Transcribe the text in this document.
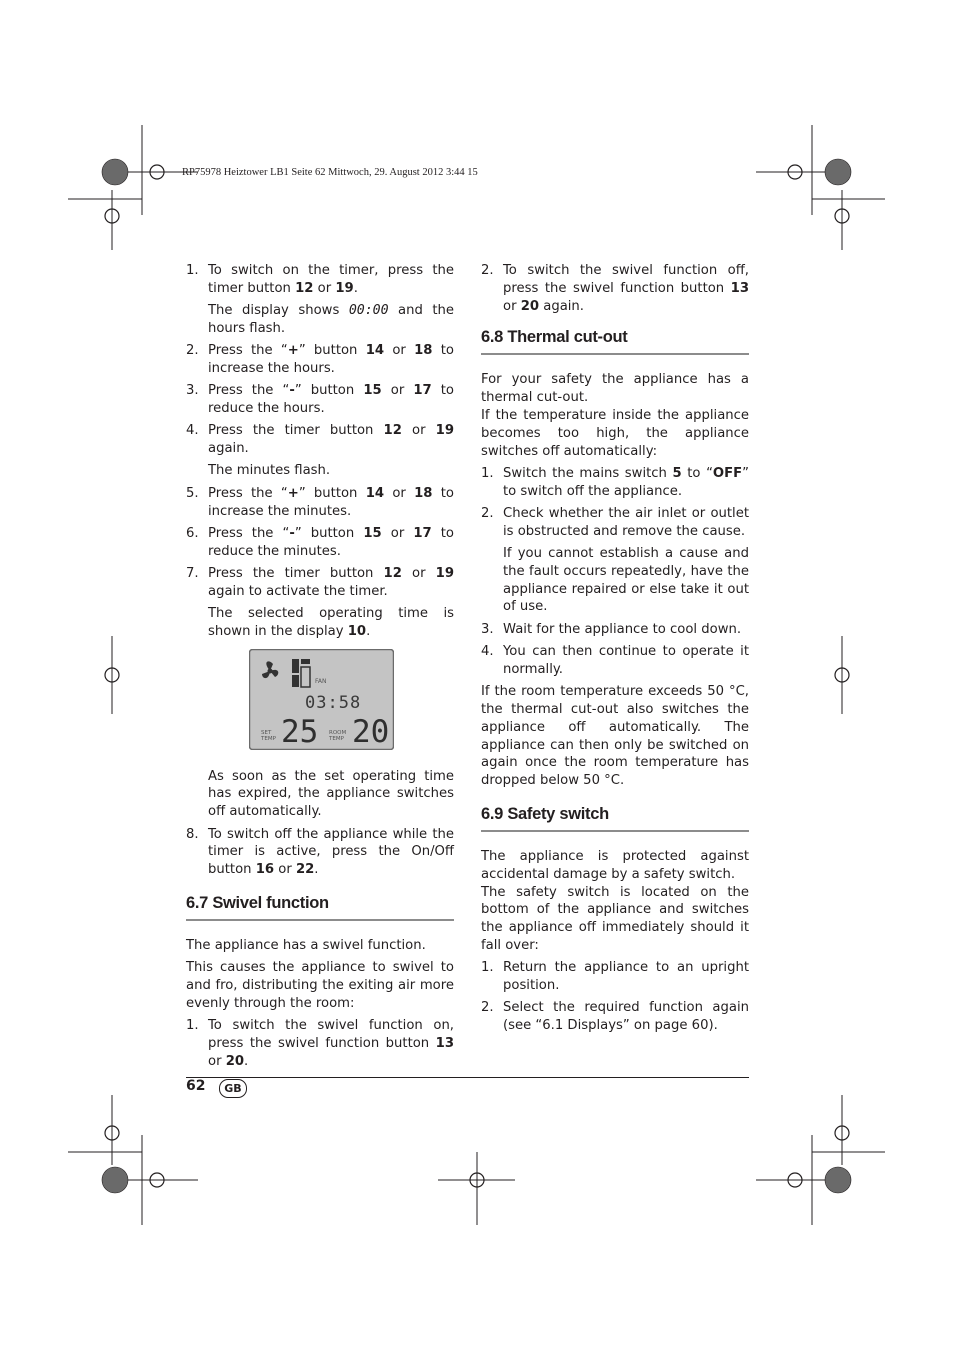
RP75978 Heiztower LB1 Seite 62 Mittwoch, 29. August 2012 3:44 15
1. To switch on the timer, press the timer button 12 or 19.
The display shows 00:00 and the hours flash.
2. Press the “+” button 14 or 18 to increase the hours.
3. Press the “-” button 15 or 17 to reduce the hours.
4. Press the timer button 12 or 19 again.
The minutes flash.
5. Press the “+” button 14 or 18 to increase the minutes.
6. Press the “-” button 15 or 17 to reduce the minutes.
7. Press the timer button 12 or 19 again to activate the timer.
The selected operating time is shown in the display 10.
FAN
03:58
SET
TEMP 25 ROOM
TEMP 20
As soon as the set operating time has expired, the appliance switches off automatically.
8. To switch off the appliance while the timer is active, press the On/Off button 16 or 22.
6.7 Swivel function

The appliance has a swivel function.

This causes the appliance to swivel to and fro, distributing the exiting air more evenly through the room:

1. To switch the swivel function on, press the swivel function button 13 or 20.
2. To switch the swivel function off, press the swivel function button 13 or 20 again.
6.8 Thermal cut-out

For your safety the appliance has a thermal cut-out.

If the temperature inside the appliance becomes too high, the appliance switches off automatically:

1. Switch the mains switch 5 to “OFF” to switch off the appliance.
2. Check whether the air inlet or outlet is obstructed and remove the cause.
If you cannot establish a cause and the fault occurs repeatedly, have the appliance repaired or else take it out of use.
3. Wait for the appliance to cool down.
4. You can then continue to operate it normally.

If the room temperature exceeds 50 °C, the thermal cut-out also switches the appliance off automatically. The appliance can then only be switched on again once the room temperature has dropped below 50 °C.

6.9 Safety switch

The appliance is protected against accidental damage by a safety switch.

The safety switch is located on the bottom of the appliance and switches the appliance off immediately should it fall over:

1. Return the appliance to an upright position.
2. Select the required function again (see “6.1 Displays” on page 60).
62	GB
